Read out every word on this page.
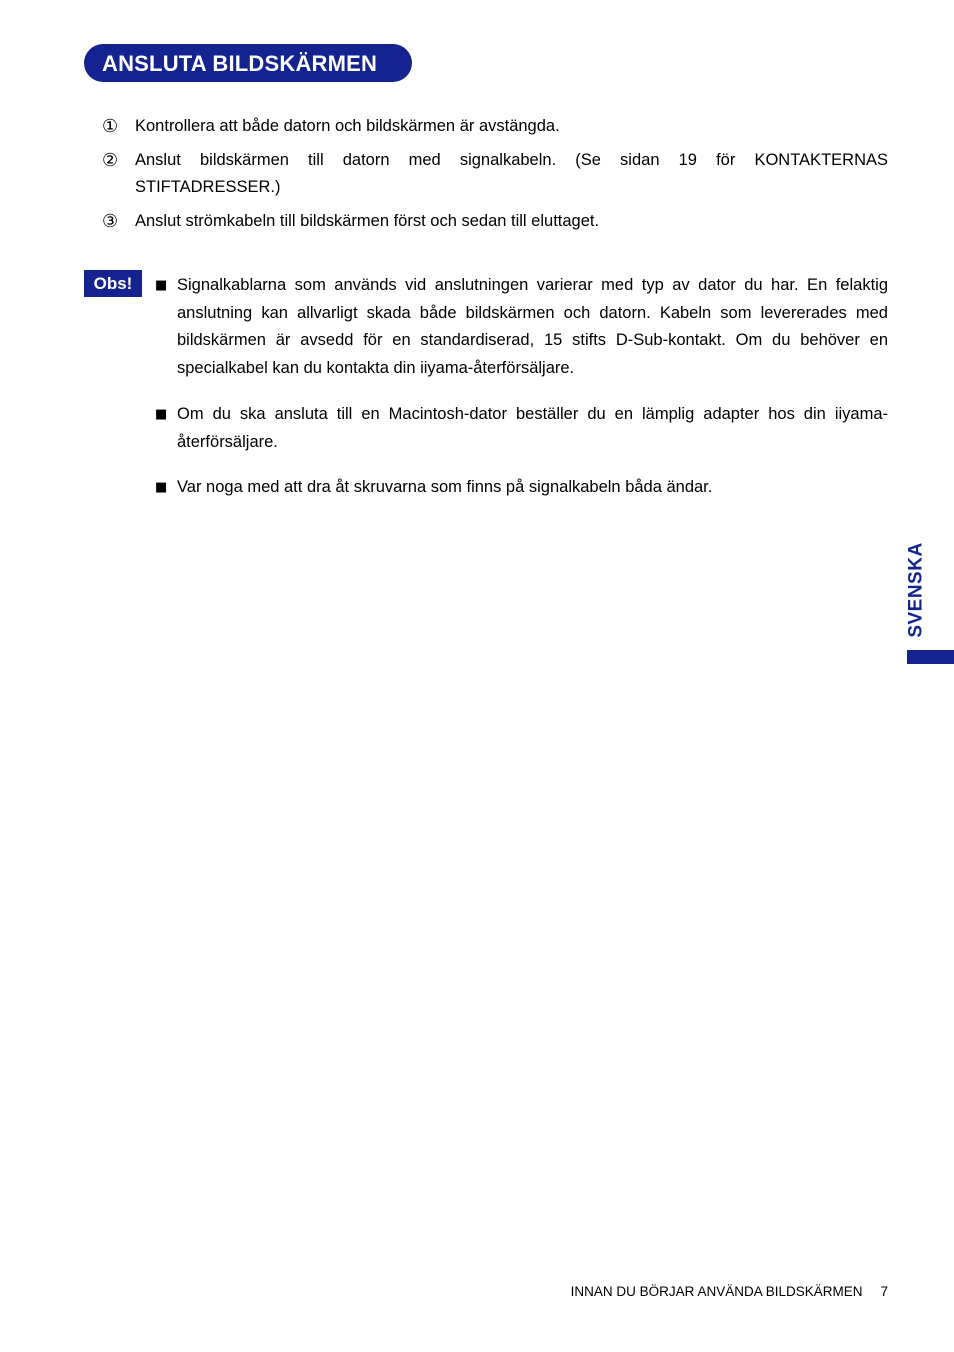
ANSLUTA BILDSKÄRMEN
①	Kontrollera att både datorn och bildskärmen är avstängda.
②	Anslut bildskärmen till datorn med signalkabeln. (Se sidan 19 för KONTAKTERNAS STIFTADRESSER.)
③	Anslut strömkabeln till bildskärmen först och sedan till eluttaget.
Obs!	■ Signalkablarna som används vid anslutningen varierar med typ av dator du har. En felaktig anslutning kan allvarligt skada både bildskärmen och datorn. Kabeln som levererades med bildskärmen är avsedd för en standardiserad, 15 stifts D-Sub-kontakt. Om du behöver en specialkabel kan du kontakta din iiyama-återförsäljare.
■ Om du ska ansluta till en Macintosh-dator beställer du en lämplig adapter hos din iiyama-återförsäljare.
■ Var noga med att dra åt skruvarna som finns på signalkabeln båda ändar.
SVENSKA
INNAN DU BÖRJAR ANVÄNDA BILDSKÄRMEN 7
